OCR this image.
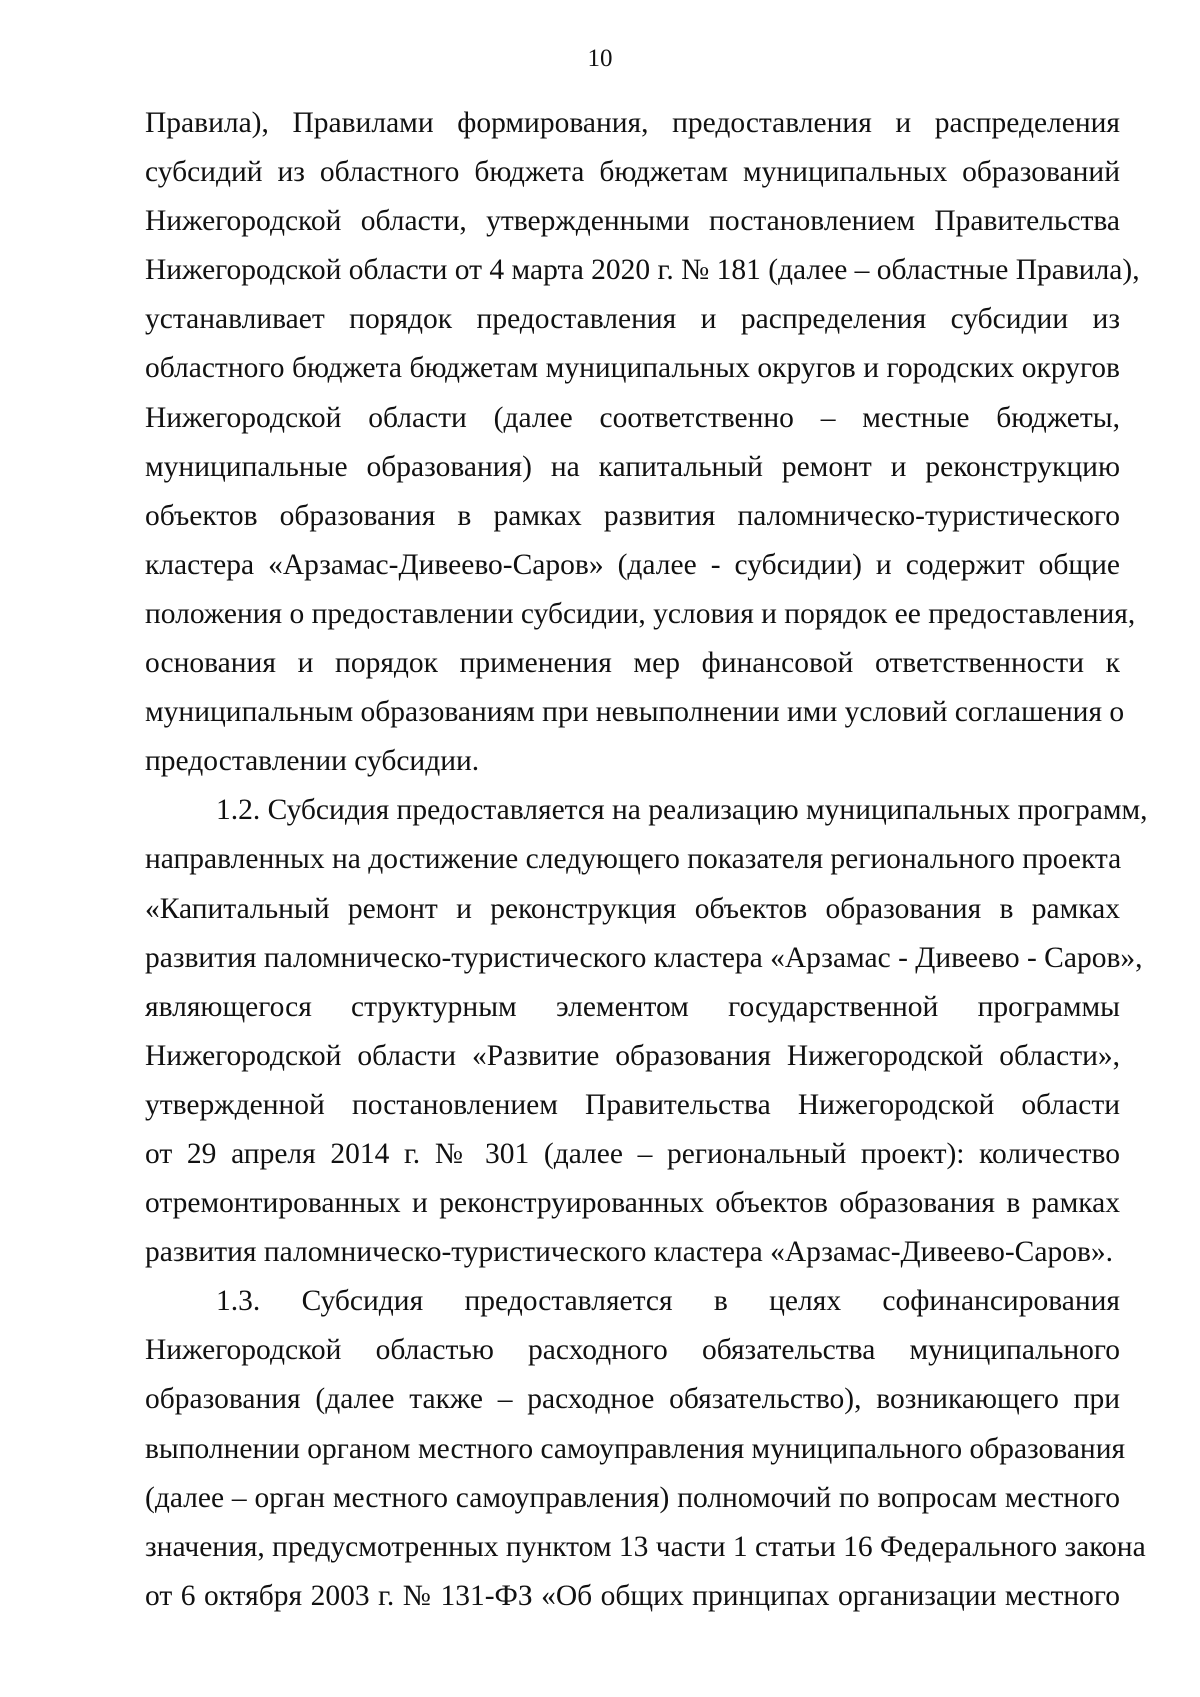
10
Правила), Правилами формирования, предоставления и распределения
субсидий из областного бюджета бюджетам муниципальных образований
Нижегородской области, утвержденными постановлением Правительства
Нижегородской области от 4 марта 2020 г. № 181 (далее – областные Правила),
устанавливает порядок предоставления и распределения субсидии из
областного бюджета бюджетам муниципальных округов и городских округов
Нижегородской области (далее соответственно – местные бюджеты,
муниципальные образования) на капитальный ремонт и реконструкцию
объектов образования в рамках развития паломническо-туристического
кластера «Арзамас-Дивеево-Саров» (далее - субсидии) и содержит общие
положения о предоставлении субсидии, условия и порядок ее предоставления,
основания и порядок применения мер финансовой ответственности к
муниципальным образованиям при невыполнении ими условий соглашения о
предоставлении субсидии.
1.2. Субсидия предоставляется на реализацию муниципальных программ,
направленных на достижение следующего показателя регионального проекта
«Капитальный ремонт и реконструкция объектов образования в рамках
развития паломническо-туристического кластера «Арзамас - Дивеево - Саров»,
являющегося структурным элементом государственной программы
Нижегородской области «Развитие образования Нижегородской области»,
утвержденной постановлением Правительства Нижегородской области
от 29 апреля 2014 г. № 301 (далее – региональный проект): количество
отремонтированных и реконструированных объектов образования в рамках
развития паломническо-туристического кластера «Арзамас-Дивеево-Саров».
1.3. Субсидия предоставляется в целях софинансирования
Нижегородской областью расходного обязательства муниципального
образования (далее также – расходное обязательство), возникающего при
выполнении органом местного самоуправления муниципального образования
(далее – орган местного самоуправления) полномочий по вопросам местного
значения, предусмотренных пунктом 13 части 1 статьи 16 Федерального закона
от 6 октября 2003 г. № 131-ФЗ «Об общих принципах организации местного
